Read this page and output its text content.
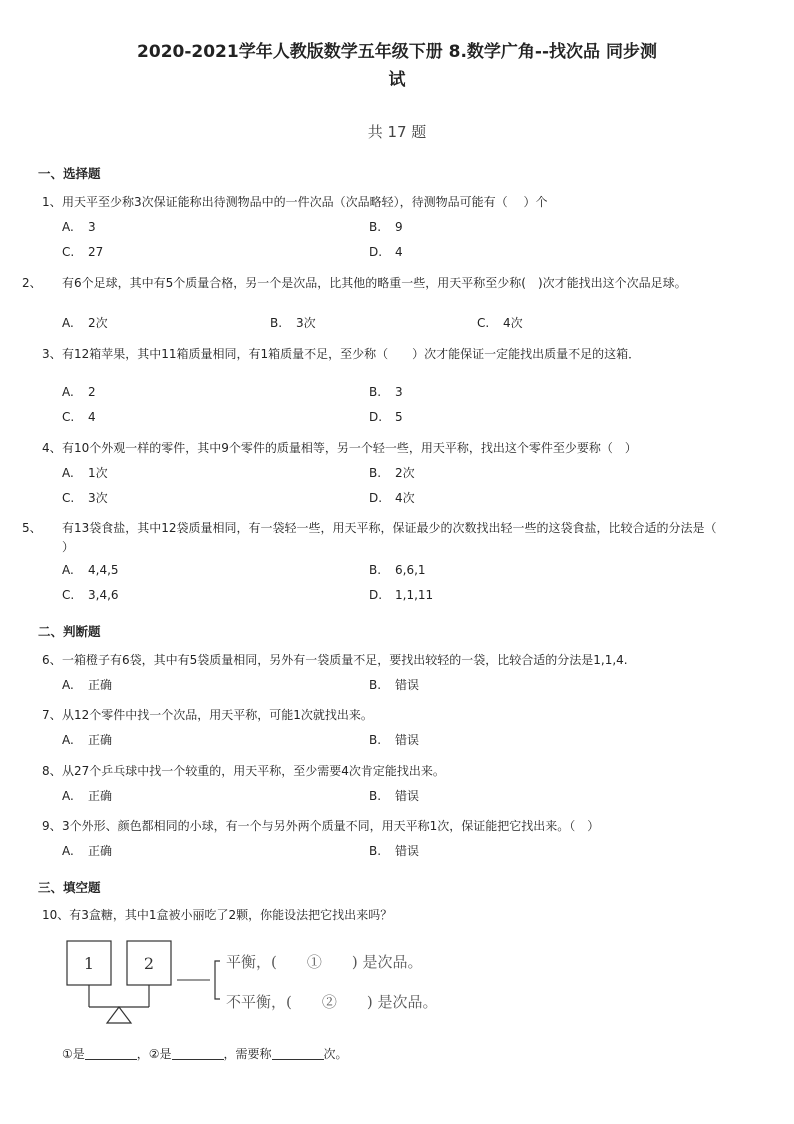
2020-2021学年人教版数学五年级下册 8.数学广角--找次品 同步测
试
共 17 题
一、选择题
1、用天平至少称3次保证能称出待测物品中的一件次品（次品略轻），待测物品可能有（　 ）个
A. 3	B. 9
C. 27	D. 4
2、 有6个足球，其中有5个质量合格，另一个是次品，比其他的略重一些，用天平称至少称(　)次才能找出这个次品足球。
A. 2次	B. 3次	C. 4次
3、有12箱苹果，其中11箱质量相同，有1箱质量不足，至少称（　　）次才能保证一定能找出质量不足的这箱．
A. 2	B. 3
C. 4	D. 5
4、有10个外观一样的零件，其中9个零件的质量相等，另一个轻一些，用天平称，找出这个零件至少要称（　）
A. 1次	B. 2次
C. 3次	D. 4次
5、 有13袋食盐，其中12袋质量相同，有一袋轻一些，用天平称，保证最少的次数找出轻一些的这袋食盐，比较合适的分法是（　 ）
A. 4,4,5	B. 6,6,1
C. 3,4,6	D. 1,1,11
二、判断题
6、一箱橙子有6袋，其中有5袋质量相同，另外有一袋质量不足，要找出较轻的一袋，比较合适的分法是1,1,4.
A. 正确	B. 错误
7、从12个零件中找一个次品，用天平称，可能1次就找出来。
A. 正确	B. 错误
8、从27个乒乓球中找一个较重的，用天平称，至少需要4次肯定能找出来。
A. 正确	B. 错误
9、3个外形、颜色都相同的小球，有一个与另外两个质量不同，用天平称1次，保证能把它找出来。（　）
A. 正确	B. 错误
三、填空题
10、有3盒糖，其中1盒被小丽吃了2颗，你能设法把它找出来吗？
1	2	平衡，(　　①　　) 是次品。
不平衡，(　　②　　) 是次品。
①是	，②是	，需要称	次。
